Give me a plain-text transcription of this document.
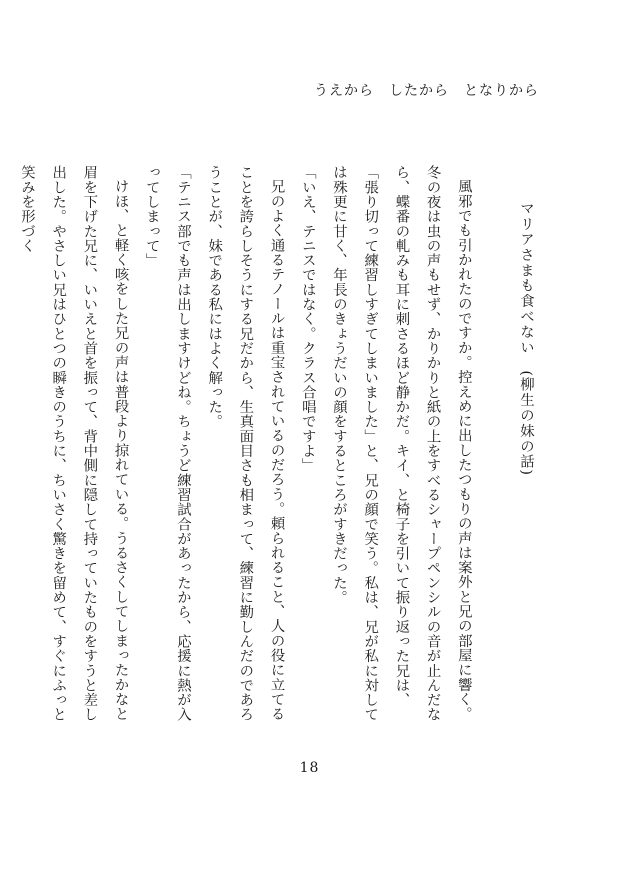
うえから　したから　となりから
マリアさまも食べない　(柳生の妹の話)

風邪でも引かれたのですか。控えめに出したつもりの声は案外と兄の部屋に響く。冬の夜は虫の声もせず、かりかりと紙の上をすべるシャープペンシルの音が止んだなら、蝶番の軋みも耳に刺さるほど静かだ。キイ、と椅子を引いて振り返った兄は、「張り切って練習しすぎてしまいました」と、兄の顔で笑う。私は、兄が私に対しては殊更に甘く、年長のきょうだいの顔をするところがすきだった。

「いえ、テニスではなく。クラス合唱ですよ」

兄のよく通るテノールは重宝されているのだろう。頼られること、人の役に立てることを誇らしそうにする兄だから、生真面目さも相まって、練習に勤しんだのであろうことが、妹である私にはよく解った。

「テニス部でも声は出しますけどね。ちょうど練習試合があったから、応援に熱が入ってしまって」

けほ、と軽く咳をした兄の声は普段より掠れている。うるさくしてしまったかなと眉を下げた兄に、いいえと首を振って、背中側に隠して持っていたものをすうと差し出した。やさしい兄はひとつの瞬きのうちに、ちいさく驚きを留めて、すぐにふっと笑みを形づく

18
